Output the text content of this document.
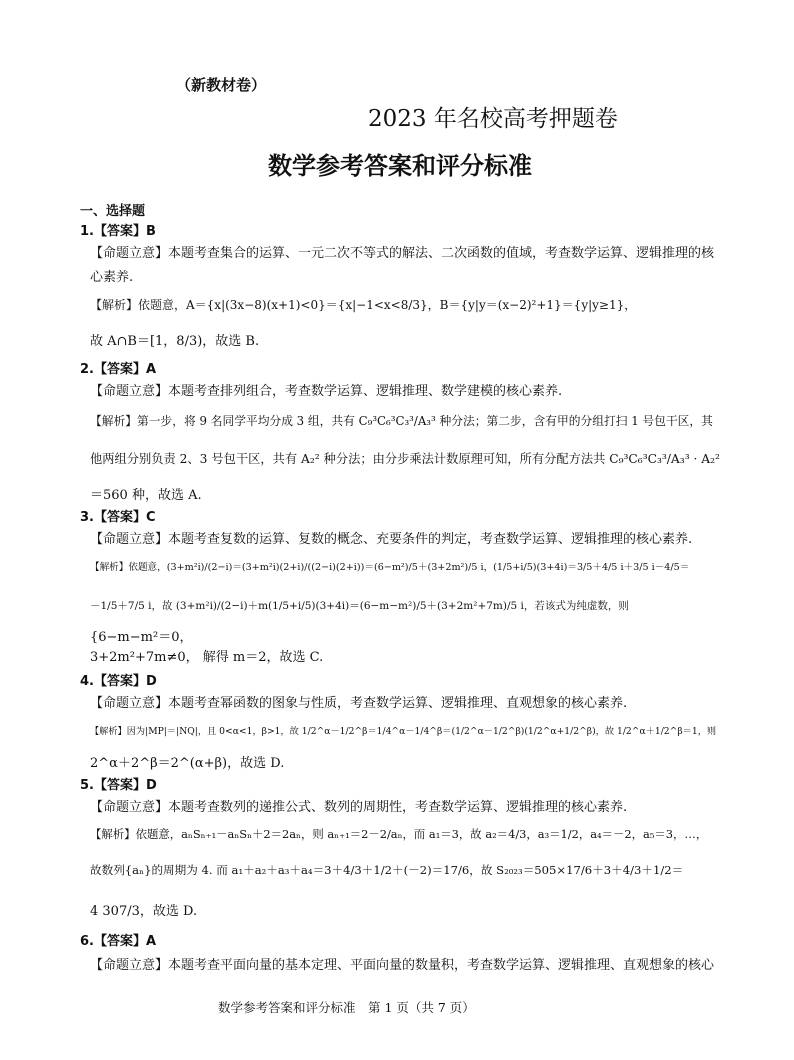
（新教材卷）
2023 年名校高考押题卷
数学参考答案和评分标准
一、选择题
1.【答案】B
【命题立意】本题考查集合的运算、一元二次不等式的解法、二次函数的值域，考查数学运算、逻辑推理的核
心素养.
【解析】依题意，A＝{x|(3x−8)(x+1)<0}＝{x|−1<x<8/3}，B＝{y|y＝(x−2)²+1}＝{y|y≥1}，
故 A∩B＝[1，8/3)，故选 B.
2.【答案】A
【命题立意】本题考查排列组合，考查数学运算、逻辑推理、数学建模的核心素养.
【解析】第一步，将 9 名同学平均分成 3 组，共有 C₉³C₆³C₃³/A₃³ 种分法；第二步，含有甲的分组打扫 1 号包干区，其
他两组分别负责 2、3 号包干区，共有 A₂² 种分法；由分步乘法计数原理可知，所有分配方法共 C₉³C₆³C₃³/A₃³ · A₂²
＝560 种，故选 A.
3.【答案】C
【命题立意】本题考查复数的运算、复数的概念、充要条件的判定，考查数学运算、逻辑推理的核心素养.
【解析】依题意，(3+m²i)/(2−i)＝(3+m²i)(2+i)/((2−i)(2+i))＝(6−m²)/5＋(3+2m²)/5 i，(1/5+i/5)(3+4i)＝3/5＋4/5 i＋3/5 i－4/5＝
－1/5＋7/5 i，故 (3+m²i)/(2−i)＋m(1/5+i/5)(3+4i)＝(6−m−m²)/5＋(3+2m²+7m)/5 i，若该式为纯虚数，则
{6−m−m²＝0，
3+2m²+7m≠0， 解得 m＝2，故选 C.
4.【答案】D
【命题立意】本题考查幂函数的图象与性质，考查数学运算、逻辑推理、直观想象的核心素养.
【解析】因为|MP|＝|NQ|，且 0<α<1，β>1，故 1/2^α－1/2^β＝1/4^α－1/4^β＝(1/2^α－1/2^β)(1/2^α+1/2^β)，故 1/2^α＋1/2^β＝1，则
2^α＋2^β＝2^(α+β)，故选 D.
5.【答案】D
【命题立意】本题考查数列的递推公式、数列的周期性，考查数学运算、逻辑推理的核心素养.
【解析】依题意，aₙSₙ₊₁－aₙSₙ＋2＝2aₙ，则 aₙ₊₁＝2－2/aₙ，而 a₁＝3，故 a₂＝4/3，a₃＝1/2，a₄＝－2，a₅＝3，…，
故数列{aₙ}的周期为 4. 而 a₁＋a₂＋a₃＋a₄＝3＋4/3＋1/2＋(－2)＝17/6，故 S₂₀₂₃＝505×17/6＋3＋4/3＋1/2＝
4 307/3，故选 D.
6.【答案】A
【命题立意】本题考查平面向量的基本定理、平面向量的数量积，考查数学运算、逻辑推理、直观想象的核心
数学参考答案和评分标准　第 1 页（共 7 页）
